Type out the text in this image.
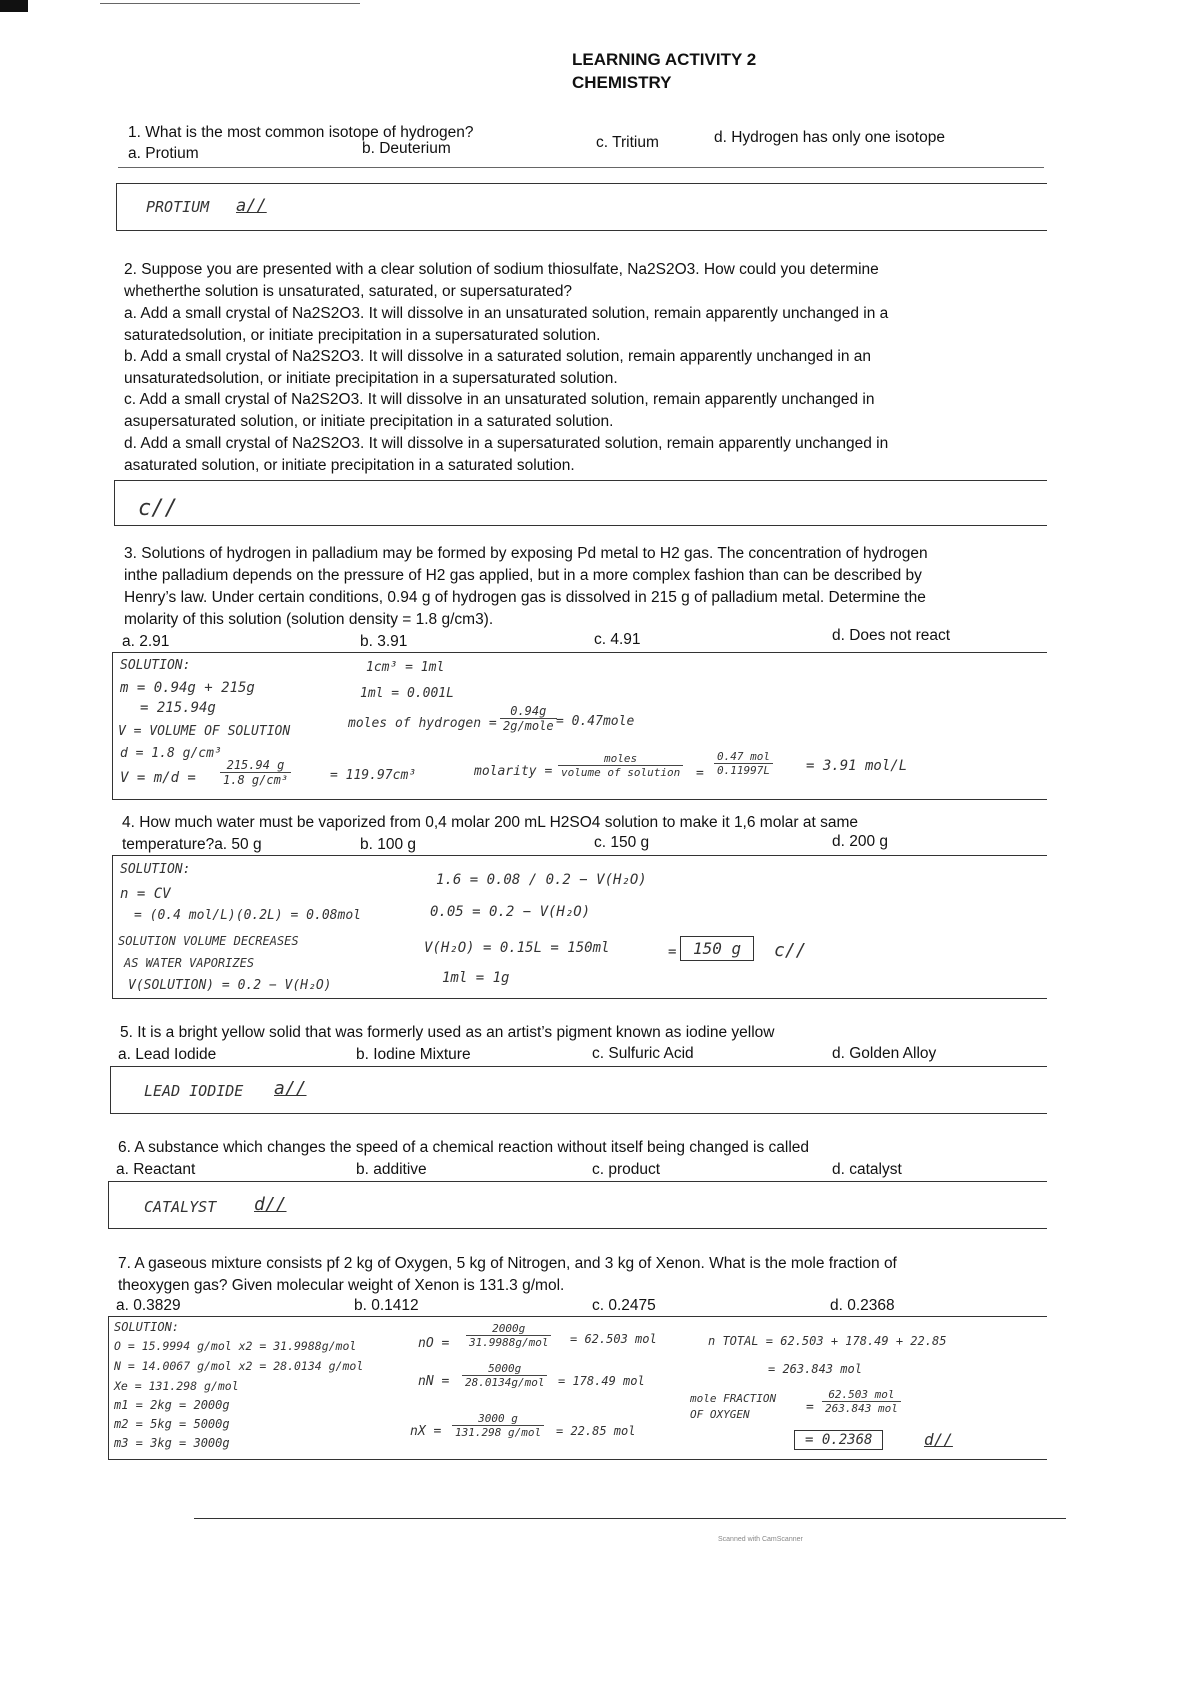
LEARNING ACTIVITY 2
CHEMISTRY
1. What is the most common isotope of hydrogen?
a. Protium	b. Deuterium	c. Tritium	d. Hydrogen has only one isotope
PROTIUM a//
2. Suppose you are presented with a clear solution of sodium thiosulfate, Na2S2O3. How could you determine
whetherthe solution is unsaturated, saturated, or supersaturated?
a. Add a small crystal of Na2S2O3. It will dissolve in an unsaturated solution, remain apparently unchanged in a
saturatedsolution, or initiate precipitation in a supersaturated solution.
b. Add a small crystal of Na2S2O3. It will dissolve in a saturated solution, remain apparently unchanged in an
unsaturatedsolution, or initiate precipitation in a supersaturated solution.
c. Add a small crystal of Na2S2O3. It will dissolve in an unsaturated solution, remain apparently unchanged in
asupersaturated solution, or initiate precipitation in a saturated solution.
d. Add a small crystal of Na2S2O3. It will dissolve in a supersaturated solution, remain apparently unchanged in
asaturated solution, or initiate precipitation in a saturated solution.
c//
3. Solutions of hydrogen in palladium may be formed by exposing Pd metal to H2 gas. The concentration of hydrogen
inthe palladium depends on the pressure of H2 gas applied, but in a more complex fashion than can be described by
Henry’s law. Under certain conditions, 0.94 g of hydrogen gas is dissolved in 215 g of palladium metal. Determine the
molarity of this solution (solution density = 1.8 g/cm3).
a. 2.91	b. 3.91	c. 4.91	d. Does not react
SOLUTION:
m = 0.94g + 215g
= 215.94g
V = VOLUME OF SOLUTION
d = 1.8 g/cm³
$V = m/d = \frac{215.94 g}{\text{1.8 g/cm³}}$	= 119.97cm³
1cm³ = 1ml
1ml = 0.001L
moles of hydrogen =
0.94g
2g/mole = 0.47mole
molarity =
moles
volume of solution =
0.47 mol
0.11997L	= 3.91 mol/L
4. How much water must be vaporized from 0,4 molar 200 mL H2SO4 solution to make it 1,6 molar at same
temperature?a. 50 g	b. 100 g	c. 150 g	d. 200 g
SOLUTION:
n = CV
= (0.4 mol/L)(0.2L) = 0.08mol
SOLUTION VOLUME DECREASES
AS WATER VAPORIZES
V(SOLUTION) = 0.2 − V(H₂O)
1.6 = 0.08 / 0.2 − V(H₂O)
0.05 = 0.2 − V(H₂O)
V(H₂O) = 0.15L = 150ml
1ml = 1g
=	150 g	c//
5. It is a bright yellow solid that was formerly used as an artist’s pigment known as iodine yellow
a. Lead Iodide	b. Iodine Mixture	c. Sulfuric Acid	d. Golden Alloy
LEAD IODIDE a//
6. A substance which changes the speed of a chemical reaction without itself being changed is called
a. Reactant	b. additive	c. product	d. catalyst
CATALYST d//
7. A gaseous mixture consists pf 2 kg of Oxygen, 5 kg of Nitrogen, and 3 kg of Xenon. What is the mole fraction of
theoxygen gas? Given molecular weight of Xenon is 131.3 g/mol.
a. 0.3829	b. 0.1412	c. 0.2475	d. 0.2368
SOLUTION:
O = 15.9994 g/mol x2 = 31.9988g/mol
N = 14.0067 g/mol x2 = 28.0134 g/mol
Xe = 131.298 g/mol
m1 = 2kg = 2000g
m2 = 5kg = 5000g
m3 = 3kg = 3000g
nO =
2000g
31.9988g/mol = 62.503 mol
nN =
5000g
28.0134g/mol = 178.49 mol
nX =
3000 g
131.298 g/mol = 22.85 mol
n TOTAL = 62.503 + 178.49 + 22.85
= 263.843 mol
mole FRACTION
OF OXYGEN	=
62.503 mol
263.843 mol
= 0.2368	d//
Scanned with CamScanner
